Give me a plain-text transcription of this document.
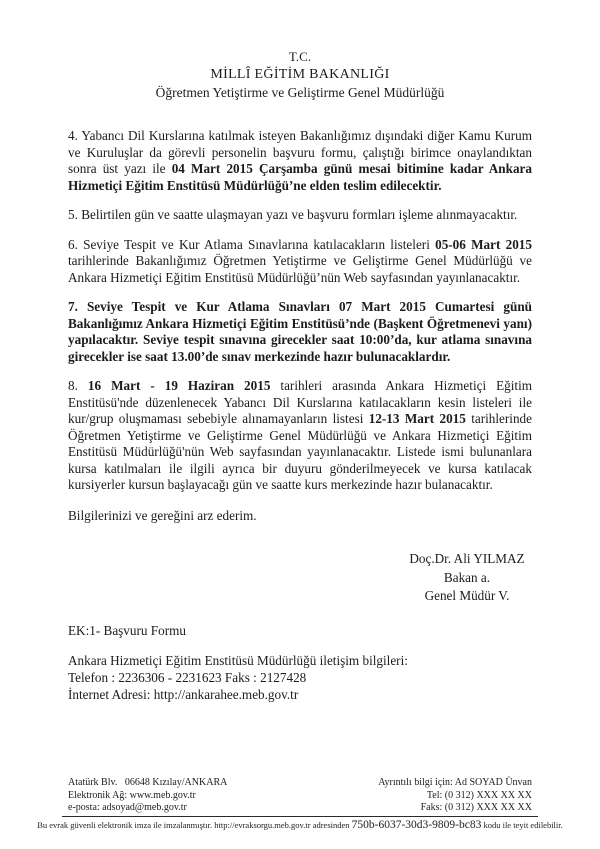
T.C.
MİLLÎ EĞİTİM BAKANLIĞI
Öğretmen Yetiştirme ve Geliştirme Genel Müdürlüğü

4. Yabancı Dil Kurslarına katılmak isteyen Bakanlığımız dışındaki diğer Kamu Kurum ve Kuruluşlar da görevli personelin başvuru formu, çalıştığı birimce onaylandıktan sonra üst yazı ile 04 Mart 2015 Çarşamba günü mesai bitimine kadar Ankara Hizmetiçi Eğitim Enstitüsü Müdürlüğü’ne elden teslim edilecektir.

5. Belirtilen gün ve saatte ulaşmayan yazı ve başvuru formları işleme alınmayacaktır.

6. Seviye Tespit ve Kur Atlama Sınavlarına katılacakların listeleri 05-06 Mart 2015 tarihlerinde Bakanlığımız Öğretmen Yetiştirme ve Geliştirme Genel Müdürlüğü ve Ankara Hizmetiçi Eğitim Enstitüsü Müdürlüğü’nün Web sayfasından yayınlanacaktır.

7. Seviye Tespit ve Kur Atlama Sınavları 07 Mart 2015 Cumartesi günü Bakanlığımız Ankara Hizmetiçi Eğitim Enstitüsü’nde (Başkent Öğretmenevi yanı) yapılacaktır. Seviye tespit sınavına girecekler saat 10:00’da, kur atlama sınavına girecekler ise saat 13.00’de sınav merkezinde hazır bulunacaklardır.

8. 16 Mart - 19 Haziran 2015 tarihleri arasında Ankara Hizmetiçi Eğitim Enstitüsü'nde düzenlenecek Yabancı Dil Kurslarına katılacakların kesin listeleri ile kur/grup oluşmaması sebebiyle alınamayanların listesi 12-13 Mart 2015 tarihlerinde Öğretmen Yetiştirme ve Geliştirme Genel Müdürlüğü ve Ankara Hizmetiçi Eğitim Enstitüsü Müdürlüğü'nün Web sayfasından yayınlanacaktır. Listede ismi bulunanlara kursa katılmaları ile ilgili ayrıca bir duyuru gönderilmeyecek ve kursa katılacak kursiyerler kursun başlayacağı gün ve saatte kurs merkezinde hazır bulanacaktır.

Bilgilerinizi ve gereğini arz ederim.

Doç.Dr. Ali YILMAZ
Bakan a.
Genel Müdür V.
EK:1- Başvuru Formu
Ankara Hizmetiçi Eğitim Enstitüsü Müdürlüğü iletişim bilgileri:
Telefon : 2236306 - 2231623 Faks : 2127428
İnternet Adresi: http://ankarahee.meb.gov.tr
Atatürk Blv.   06648 Kızılay/ANKARA
Elektronik Ağ: www.meb.gov.tr
e-posta: adsoyad@meb.gov.tr
Ayrıntılı bilgi için: Ad SOYAD Ünvan
Tel: (0 312) XXX XX XX
Faks: (0 312) XXX XX XX
Bu evrak güvenli elektronik imza ile imzalanmıştır. http://evraksorgu.meb.gov.tr adresinden 750b-6037-30d3-9809-bc83 kodu ile teyit edilebilir.
